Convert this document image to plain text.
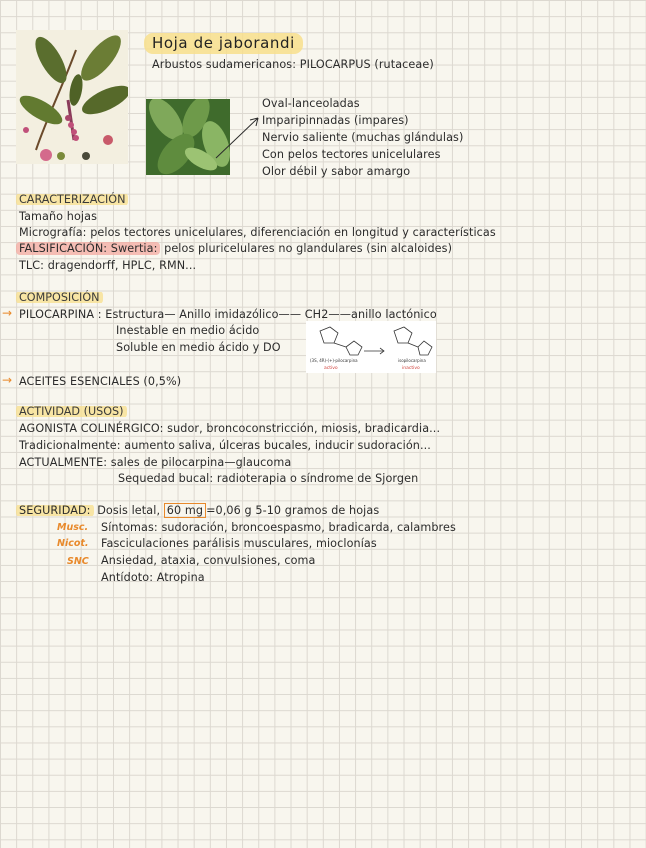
Hoja de jaborandi
Arbustos sudamericanos: PILOCARPUS (rutaceae)
Oval-lanceoladas
Imparipinnadas (impares)
Nervio saliente (muchas glándulas)
Con pelos tectores unicelulares
Olor débil y sabor amargo
CARACTERIZACIÓN
Tamaño hojas
Micrografía: pelos tectores unicelulares, diferenciación en longitud y características
FALSIFICACIÓN: Swertia: pelos pluricelulares no glandulares (sin alcaloides)
TLC: dragendorff, HPLC, RMN...
COMPOSICIÓN
→ PILOCARPINA : Estructura— Anillo imidazólico—— CH2——anillo lactónico
Inestable en medio ácido
Soluble en medio ácido y DO
(3S, 4R)-(+)-pilocarpina
activo
isopilocarpina
inactivo
→ ACEITES ESENCIALES (0,5%)
ACTIVIDAD (USOS)
AGONISTA COLINÉRGICO: sudor, broncoconstricción, miosis, bradicardia...
Tradicionalmente: aumento saliva, úlceras bucales, inducir sudoración...
ACTUALMENTE: sales de pilocarpina—glaucoma
Sequedad bucal: radioterapia o síndrome de Sjorgen
SEGURIDAD: Dosis letal, 60 mg =0,06 g 5-10 gramos de hojas
Musc. Síntomas: sudoración, broncoespasmo, bradicarda, calambres
Nicot. Fasciculaciones parálisis musculares, mioclonías
SNC Ansiedad, ataxia, convulsiones, coma
Antídoto: Atropina
